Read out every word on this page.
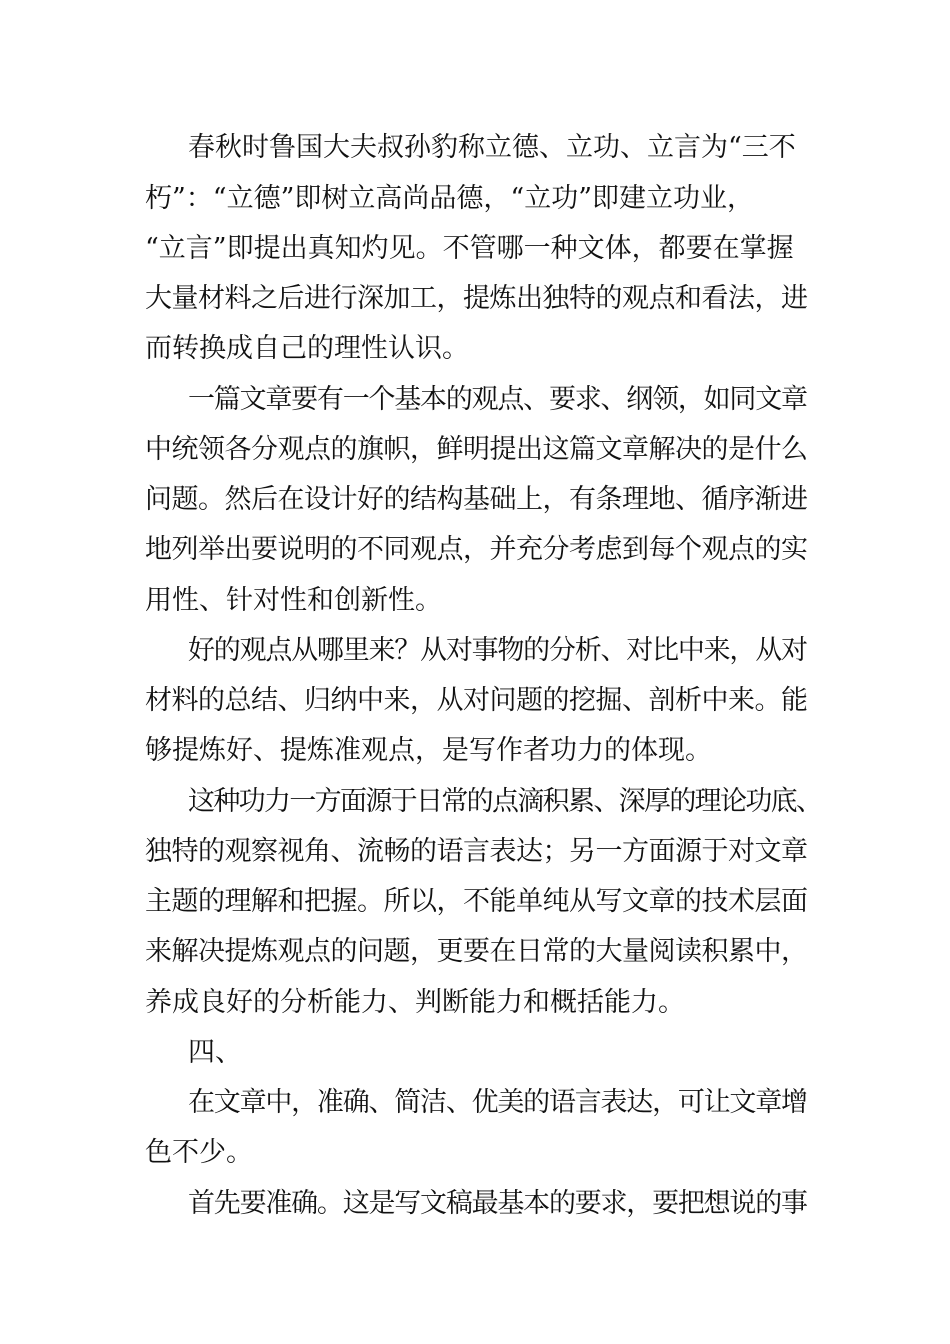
春秋时鲁国大夫叔孙豹称立德、立功、立言为“三不

朽”：“立德”即树立高尚品德，“立功”即建立功业，

“立言”即提出真知灼见。不管哪一种文体，都要在掌握

大量材料之后进行深加工，提炼出独特的观点和看法，进

而转换成自己的理性认识。

一篇文章要有一个基本的观点、要求、纲领，如同文章

中统领各分观点的旗帜，鲜明提出这篇文章解决的是什么

问题。然后在设计好的结构基础上，有条理地、循序渐进

地列举出要说明的不同观点，并充分考虑到每个观点的实

用性、针对性和创新性。

好的观点从哪里来？从对事物的分析、对比中来，从对

材料的总结、归纳中来，从对问题的挖掘、剖析中来。能

够提炼好、提炼准观点，是写作者功力的体现。

这种功力一方面源于日常的点滴积累、深厚的理论功底、

独特的观察视角、流畅的语言表达；另一方面源于对文章

主题的理解和把握。所以，不能单纯从写文章的技术层面

来解决提炼观点的问题，更要在日常的大量阅读积累中，

养成良好的分析能力、判断能力和概括能力。

四、

在文章中，准确、简洁、优美的语言表达，可让文章增

色不少。

首先要准确。这是写文稿最基本的要求，要把想说的事
